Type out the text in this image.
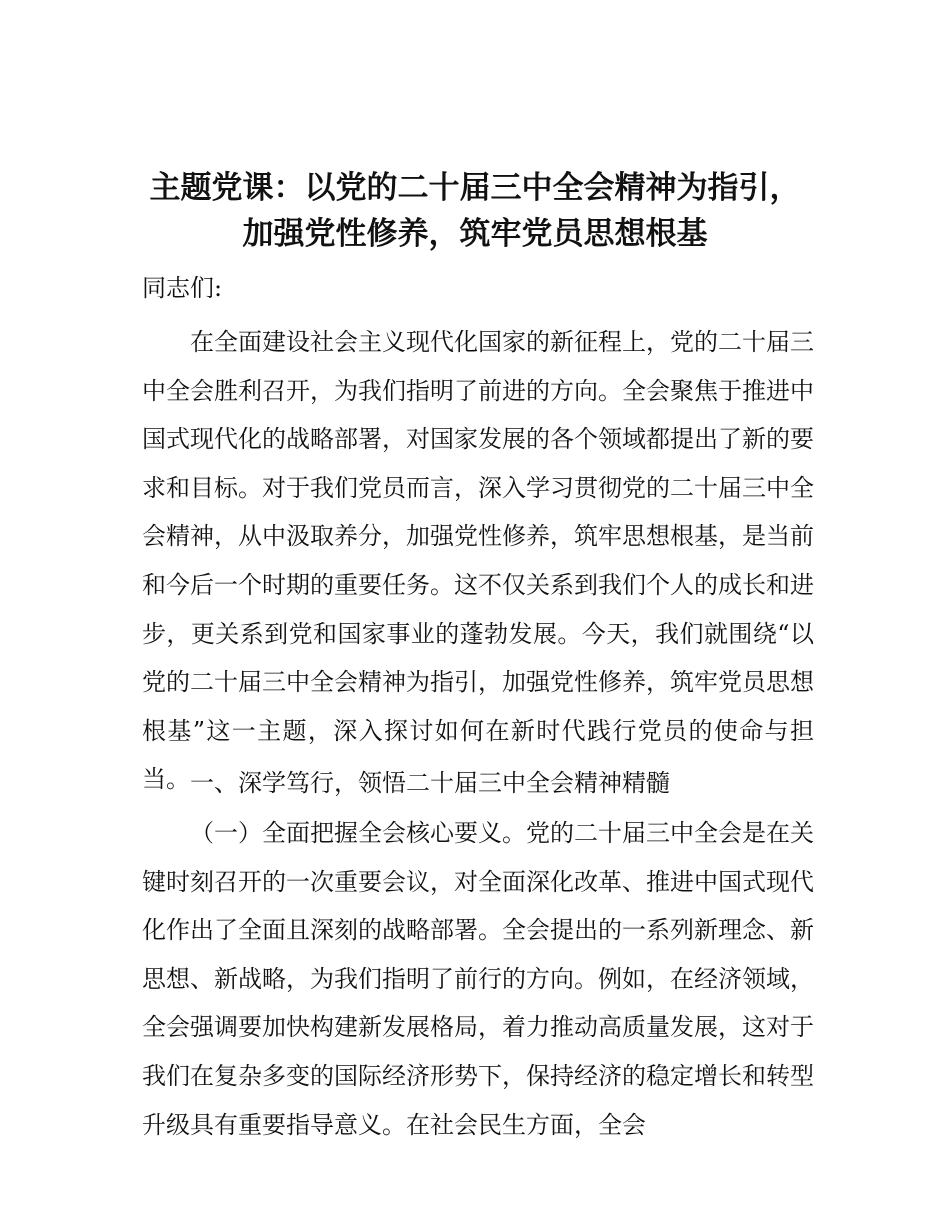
主题党课：以党的二十届三中全会精神为指引，
加强党性修养，筑牢党员思想根基
同志们:
在全面建设社会主义现代化国家的新征程上，党的二十届三中全会胜利召开，为我们指明了前进的方向。全会聚焦于推进中国式现代化的战略部署，对国家发展的各个领域都提出了新的要求和目标。对于我们党员而言，深入学习贯彻党的二十届三中全会精神，从中汲取养分，加强党性修养，筑牢思想根基，是当前和今后一个时期的重要任务。这不仅关系到我们个人的成长和进步，更关系到党和国家事业的蓬勃发展。今天，我们就围绕“以党的二十届三中全会精神为指引，加强党性修养，筑牢党员思想根基”这一主题，深入探讨如何在新时代践行党员的使命与担当。 一、深学笃行，领悟二十届三中全会精神精髓
（一）全面把握全会核心要义。党的二十届三中全会是在关键时刻召开的一次重要会议，对全面深化改革、推进中国式现代化作出了全面且深刻的战略部署。全会提出的一系列新理念、新思想、新战略，为我们指明了前行的方向。例如，在经济领域，全会强调要加快构建新发展格局，着力推动高质量发展，这对于我们在复杂多变的国际经济形势下，保持经济的稳定增长和转型升级具有重要指导意义。在社会民生方面，全会
